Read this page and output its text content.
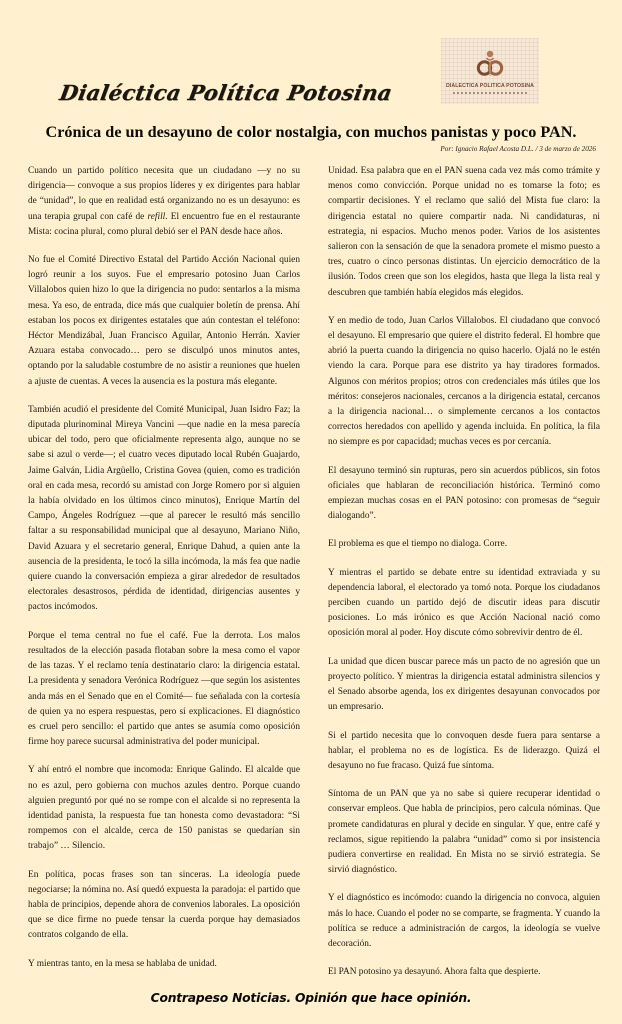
Dialéctica Política Potosina	DIALECTICA POLITICA POTOSINA
Crónica de un desayuno de color nostalgia, con muchos panistas y poco PAN.
Por: Ignacio Rafael Acosta D.L. / 3 de marzo de 2026

Cuando un partido político necesita que un ciudadano —y no su dirigencia— convoque a sus propios líderes y ex dirigentes para hablar de “unidad”, lo que en realidad está organizando no es un desayuno: es una terapia grupal con café de refill. El encuentro fue en el restaurante Mista: cocina plural, como plural debió ser el PAN desde hace años.

No fue el Comité Directivo Estatal del Partido Acción Nacional quien logró reunir a los suyos. Fue el empresario potosino Juan Carlos Villalobos quien hizo lo que la dirigencia no pudo: sentarlos a la misma mesa. Ya eso, de entrada, dice más que cualquier boletín de prensa. Ahí estaban los pocos ex dirigentes estatales que aún contestan el teléfono: Héctor Mendizábal, Juan Francisco Aguilar, Antonio Herrán. Xavier Azuara estaba convocado… pero se disculpó unos minutos antes, optando por la saludable costumbre de no asistir a reuniones que huelen a ajuste de cuentas. A veces la ausencia es la postura más elegante.

También acudió el presidente del Comité Municipal, Juan Isidro Faz; la diputada plurinominal Mireya Vancini —que nadie en la mesa parecía ubicar del todo, pero que oficialmente representa algo, aunque no se sabe si azul o verde—; el cuatro veces diputado local Rubén Guajardo, Jaime Galván, Lidia Argüello, Cristina Govea (quien, como es tradición oral en cada mesa, recordó su amistad con Jorge Romero por si alguien la había olvidado en los últimos cinco minutos), Enrique Martín del Campo, Ángeles Rodríguez —que al parecer le resultó más sencillo faltar a su responsabilidad municipal que al desayuno, Mariano Niño, David Azuara y el secretario general, Enrique Dahud, a quien ante la ausencia de la presidenta, le tocó la silla incómoda, la más fea que nadie quiere cuando la conversación empieza a girar alrededor de resultados electorales desastrosos, pérdida de identidad, dirigencias ausentes y pactos incómodos.

Porque el tema central no fue el café. Fue la derrota. Los malos resultados de la elección pasada flotaban sobre la mesa como el vapor de las tazas. Y el reclamo tenía destinatario claro: la dirigencia estatal. La presidenta y senadora Verónica Rodríguez —que según los asistentes anda más en el Senado que en el Comité— fue señalada con la cortesía de quien ya no espera respuestas, pero sí explicaciones. El diagnóstico es cruel pero sencillo: el partido que antes se asumía como oposición firme hoy parece sucursal administrativa del poder municipal.

Y ahí entró el nombre que incomoda: Enrique Galindo. El alcalde que no es azul, pero gobierna con muchos azules dentro. Porque cuando alguien preguntó por qué no se rompe con el alcalde si no representa la identidad panista, la respuesta fue tan honesta como devastadora: “Si rompemos con el alcalde, cerca de 150 panistas se quedarían sin trabajo” … Silencio.

En política, pocas frases son tan sinceras. La ideología puede negociarse; la nómina no. Así quedó expuesta la paradoja: el partido que habla de principios, depende ahora de convenios laborales. La oposición que se dice firme no puede tensar la cuerda porque hay demasiados contratos colgando de ella.

Y mientras tanto, en la mesa se hablaba de unidad.

Unidad. Esa palabra que en el PAN suena cada vez más como trámite y menos como convicción. Porque unidad no es tomarse la foto; es compartir decisiones. Y el reclamo que salió del Mista fue claro: la dirigencia estatal no quiere compartir nada. Ni candidaturas, ni estrategia, ni espacios. Mucho menos poder. Varios de los asistentes salieron con la sensación de que la senadora promete el mismo puesto a tres, cuatro o cinco personas distintas. Un ejercicio democrático de la ilusión. Todos creen que son los elegidos, hasta que llega la lista real y descubren que también había elegidos más elegidos.

Y en medio de todo, Juan Carlos Villalobos. El ciudadano que convocó el desayuno. El empresario que quiere el distrito federal. El hombre que abrió la puerta cuando la dirigencia no quiso hacerlo. Ojalá no le estén viendo la cara. Porque para ese distrito ya hay tiradores formados. Algunos con méritos propios; otros con credenciales más útiles que los méritos: consejeros nacionales, cercanos a la dirigencia estatal, cercanos a la dirigencia nacional… o simplemente cercanos a los contactos correctos heredados con apellido y agenda incluida. En política, la fila no siempre es por capacidad; muchas veces es por cercanía.

El desayuno terminó sin rupturas, pero sin acuerdos públicos, sin fotos oficiales que hablaran de reconciliación histórica. Terminó como empiezan muchas cosas en el PAN potosino: con promesas de “seguir dialogando”.

El problema es que el tiempo no dialoga. Corre.

Y mientras el partido se debate entre su identidad extraviada y su dependencia laboral, el electorado ya tomó nota. Porque los ciudadanos perciben cuando un partido dejó de discutir ideas para discutir posiciones. Lo más irónico es que Acción Nacional nació como oposición moral al poder. Hoy discute cómo sobrevivir dentro de él.

La unidad que dicen buscar parece más un pacto de no agresión que un proyecto político. Y mientras la dirigencia estatal administra silencios y el Senado absorbe agenda, los ex dirigentes desayunan convocados por un empresario.

Si el partido necesita que lo convoquen desde fuera para sentarse a hablar, el problema no es de logística. Es de liderazgo. Quizá el desayuno no fue fracaso. Quizá fue síntoma.

Síntoma de un PAN que ya no sabe si quiere recuperar identidad o conservar empleos. Que habla de principios, pero calcula nóminas. Que promete candidaturas en plural y decide en singular. Y que, entre café y reclamos, sigue repitiendo la palabra “unidad” como si por insistencia pudiera convertirse en realidad. En Mista no se sirvió estrategia. Se sirvió diagnóstico.

Y el diagnóstico es incómodo: cuando la dirigencia no convoca, alguien más lo hace. Cuando el poder no se comparte, se fragmenta. Y cuando la política se reduce a administración de cargos, la ideología se vuelve decoración.

El PAN potosino ya desayunó. Ahora falta que despierte.

Contrapeso Noticias. Opinión que hace opinión.
